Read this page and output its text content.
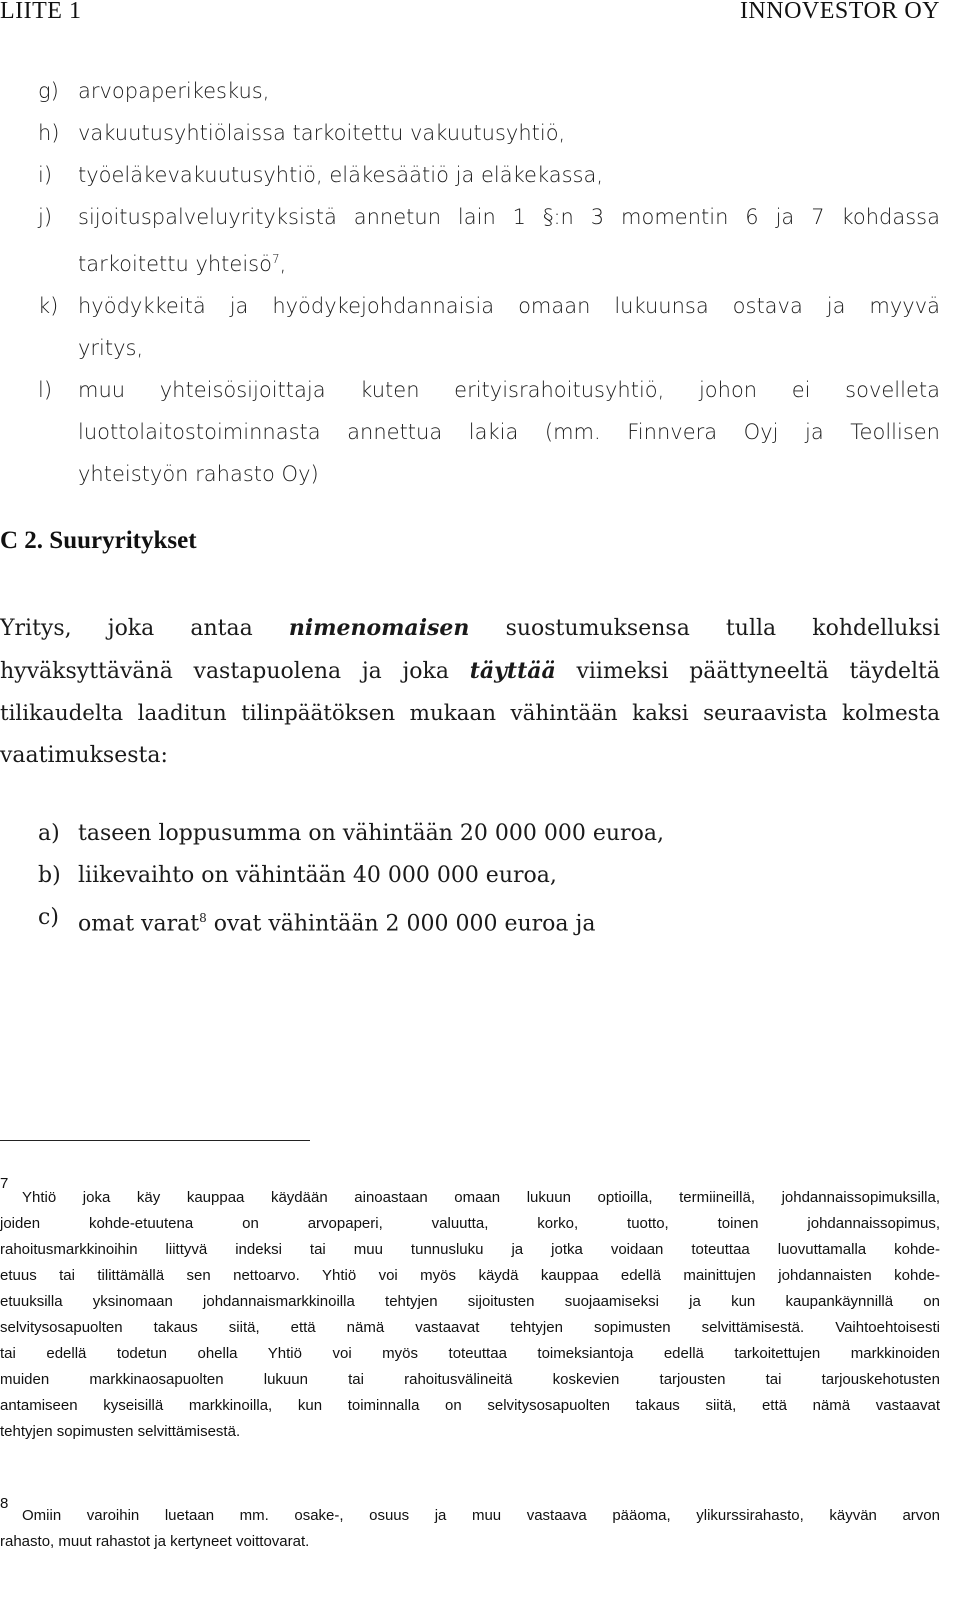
LIITE 1	INNOVESTOR OY
g) arvopaperikeskus,
h) vakuutusyhtiölaissa tarkoitettu vakuutusyhtiö,
i)	työeläkevakuutusyhtiö, eläkesäätiö ja eläkekassa,
j)	sijoituspalveluyrityksistä annetun lain 1 §:n 3 momentin 6 ja 7 kohdassa
tarkoitettu yhteisö$^7$,
k) hyödykkeitä ja hyödykejohdannaisia omaan lukuunsa ostava ja myyvä
yritys,
l)	muu yhteisösijoittaja kuten erityisrahoitusyhtiö, johon ei sovelleta
luottolaitostoiminnasta annettua lakia (mm. Finnvera Oyj ja Teollisen
yhteistyön rahasto Oy)
C 2. Suuryritykset
Yritys, joka antaa nimenomaisen suostumuksensa tulla kohdelluksi
hyväksyttävänä vastapuolena ja joka täyttää viimeksi päättyneeltä täydeltä
tilikaudelta laaditun tilinpäätöksen mukaan vähintään kaksi seuraavista kolmesta
vaatimuksesta:
a) taseen loppusumma on vähintään 20 000 000 euroa,
b) liikevaihto on vähintään 40 000 000 euroa,
c) omat varat$^8$ ovat vähintään 2 000 000 euroa ja
7
Yhtiö joka käy kauppaa käydään ainoastaan omaan lukuun optioilla, termiineillä, johdannaissopimuksilla,
joiden kohde-etuutena on arvopaperi, valuutta, korko, tuotto, toinen johdannaissopimus,
rahoitusmarkkinoihin liittyvä indeksi tai muu tunnusluku ja jotka voidaan toteuttaa luovuttamalla kohde-
etuus tai tilittämällä sen nettoarvo. Yhtiö voi myös käydä kauppaa edellä mainittujen johdannaisten kohde-
etuuksilla yksinomaan johdannaismarkkinoilla tehtyjen sijoitusten suojaamiseksi ja kun kaupankäynnillä on
selvitysosapuolten takaus siitä, että nämä vastaavat tehtyjen sopimusten selvittämisestä. Vaihtoehtoisesti
tai edellä todetun ohella Yhtiö voi myös toteuttaa toimeksiantoja edellä tarkoitettujen markkinoiden
muiden markkinaosapuolten lukuun tai rahoitusvälineitä koskevien tarjousten tai tarjouskehotusten
antamiseen kyseisillä markkinoilla, kun toiminnalla on selvitysosapuolten takaus siitä, että nämä vastaavat
tehtyjen sopimusten selvittämisestä.
8
Omiin varoihin luetaan mm. osake-, osuus ja muu vastaava pääoma, ylikurssirahasto, käyvän arvon
rahasto, muut rahastot ja kertyneet voittovarat.
